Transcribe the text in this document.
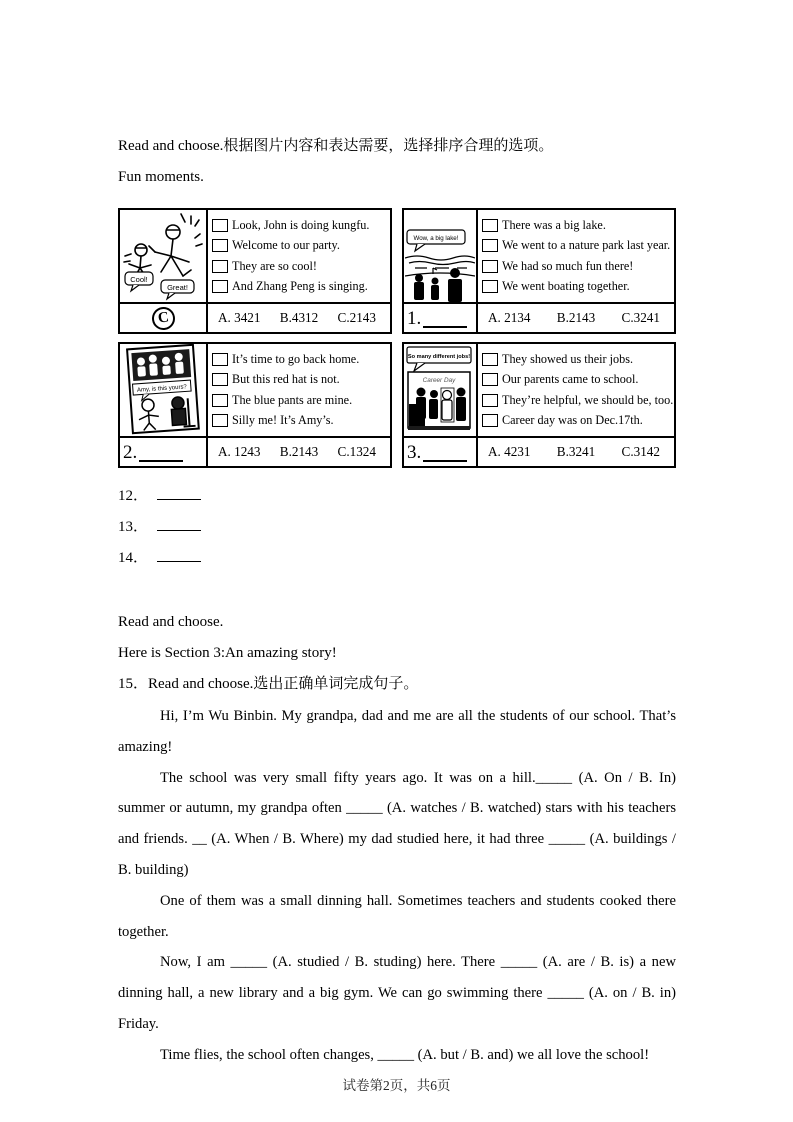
Read and choose.根据图片内容和表达需要，选择排序合理的选项。

Fun moments.

Cool!
Great!
Look, John is doing kungfu.
Welcome to our party.
They are so cool!
And Zhang Peng is singing.
C	A. 3421 B.4312 C.2143
Wow, a big lake!
There was a big lake.
We went to a nature park last year.
We had so much fun there!
We went boating together.
1.	A. 2134 B.2143 C.3241
Amy, is this yours?
It’s time to go back home.
But this red hat is not.
The blue pants are mine.
Silly me! It’s Amy’s.
2.	A. 1243 B.2143 C.1324
So many different jobs!
Career Day
They showed us their jobs.
Our parents came to school.
They’re helpful, we should be, too.
Career day was on Dec.17th.
3.	A. 4231 B.3241 C.3142

12．

13．

14．

Read and choose.

Here is Section 3:An amazing story!

15．Read and choose.选出正确单词完成句子。

Hi, I’m Wu Binbin. My grandpa, dad and me are all the students of our school. That’s amazing!

The school was very small fifty years ago. It was on a hill._____ (A. On / B. In) summer or autumn, my grandpa often _____ (A. watches / B. watched) stars with his teachers and friends. __ (A. When / B. Where) my dad studied here, it had three _____ (A. buildings / B. building)

One of them was a small dinning hall. Sometimes teachers and students cooked there together.

Now, I am _____ (A. studied / B. studing) here. There _____ (A. are / B. is) a new dinning hall, a new library and a big gym. We can go swimming there _____ (A. on / B. in) Friday.

Time flies, the school often changes, _____ (A. but / B. and) we all love the school!

试卷第2页，共6页
